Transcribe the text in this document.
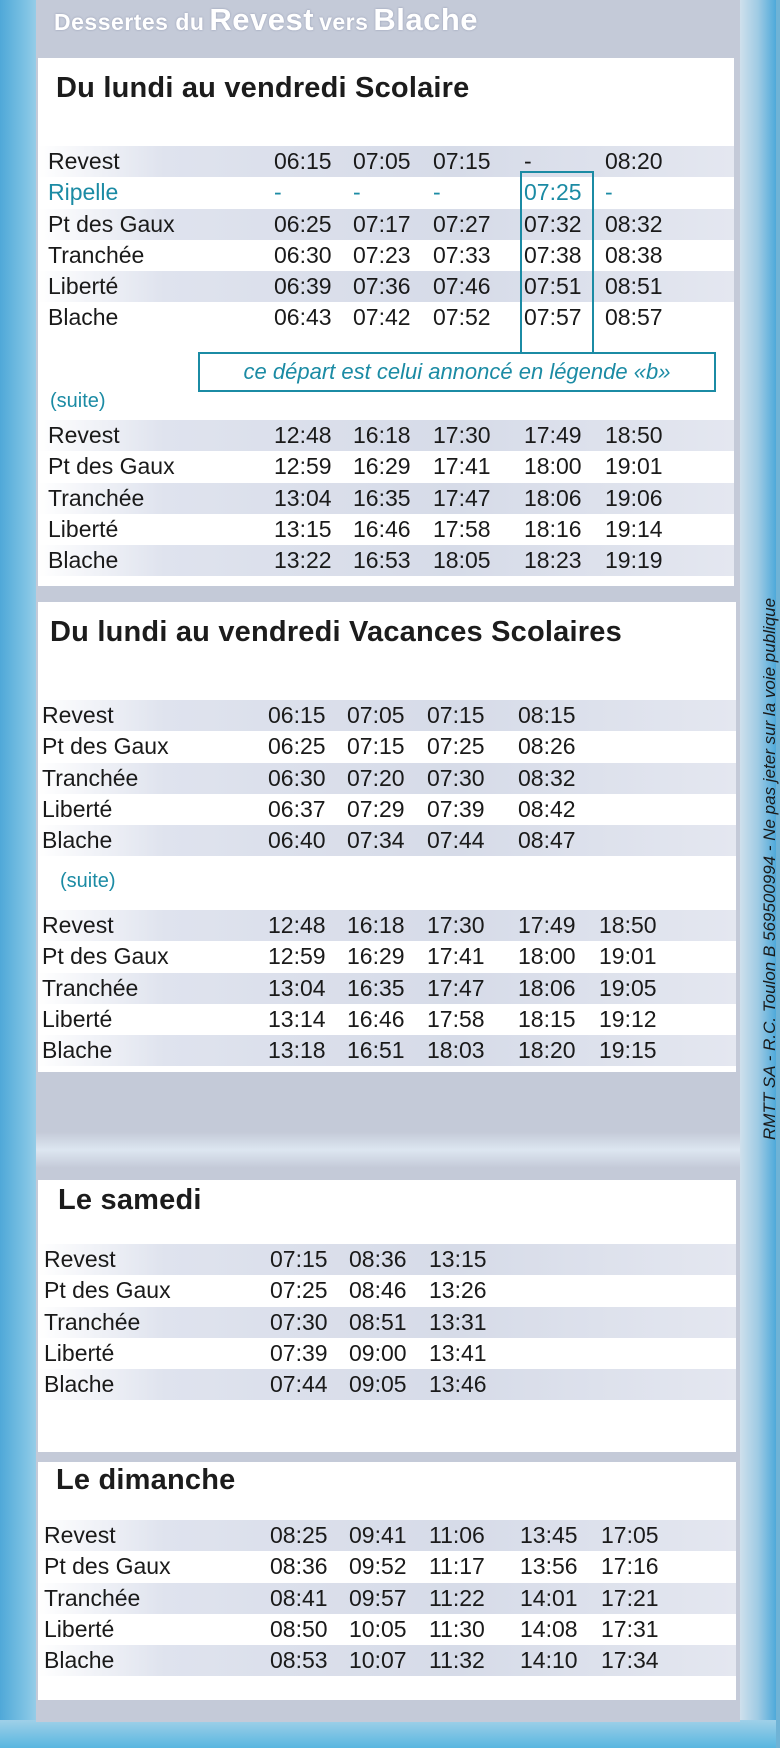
Dessertes du Revest vers Blache
Du lundi au vendredi Scolaire
Revest	06:15 07:05 07:15 -	08:20
Ripelle	-	-	-	07:25 -
Pt des Gaux	06:25 07:17 07:27 07:32 08:32
Tranchée	06:30 07:23 07:33 07:38 08:38
Liberté	06:39 07:36 07:46 07:51 08:51
Blache	06:43 07:42 07:52 07:57 08:57
(suite)
Revest	12:48 16:18 17:30 17:49 18:50
Pt des Gaux	12:59 16:29 17:41 18:00 19:01
Tranchée	13:04 16:35 17:47 18:06 19:06
Liberté	13:15 16:46 17:58 18:16 19:14
Blache	13:22 16:53 18:05 18:23 19:19
ce départ est celui annoncé en légende «b»
Du lundi au vendredi Vacances Scolaires
Revest	06:15 07:05 07:15 08:15
Pt des Gaux	06:25 07:15 07:25 08:26
Tranchée	06:30 07:20 07:30 08:32
Liberté	06:37 07:29 07:39 08:42
Blache	06:40 07:34 07:44 08:47
(suite)
Revest	12:48 16:18 17:30 17:49 18:50
Pt des Gaux	12:59 16:29 17:41 18:00 19:01
Tranchée	13:04 16:35 17:47 18:06 19:05
Liberté	13:14 16:46 17:58 18:15 19:12
Blache	13:18 16:51 18:03 18:20 19:15
Le samedi
Revest	07:15 08:36 13:15
Pt des Gaux	07:25 08:46 13:26
Tranchée	07:30 08:51 13:31
Liberté	07:39 09:00 13:41
Blache	07:44 09:05 13:46
Le dimanche
Revest	08:25 09:41 11:06 13:45 17:05
Pt des Gaux	08:36 09:52 11:17 13:56 17:16
Tranchée	08:41 09:57 11:22 14:01 17:21
Liberté	08:50 10:05 11:30 14:08 17:31
Blache	08:53 10:07 11:32 14:10 17:34
RMTT SA - R.C. Toulon B 569500994 - Ne pas jeter sur la voie publique
